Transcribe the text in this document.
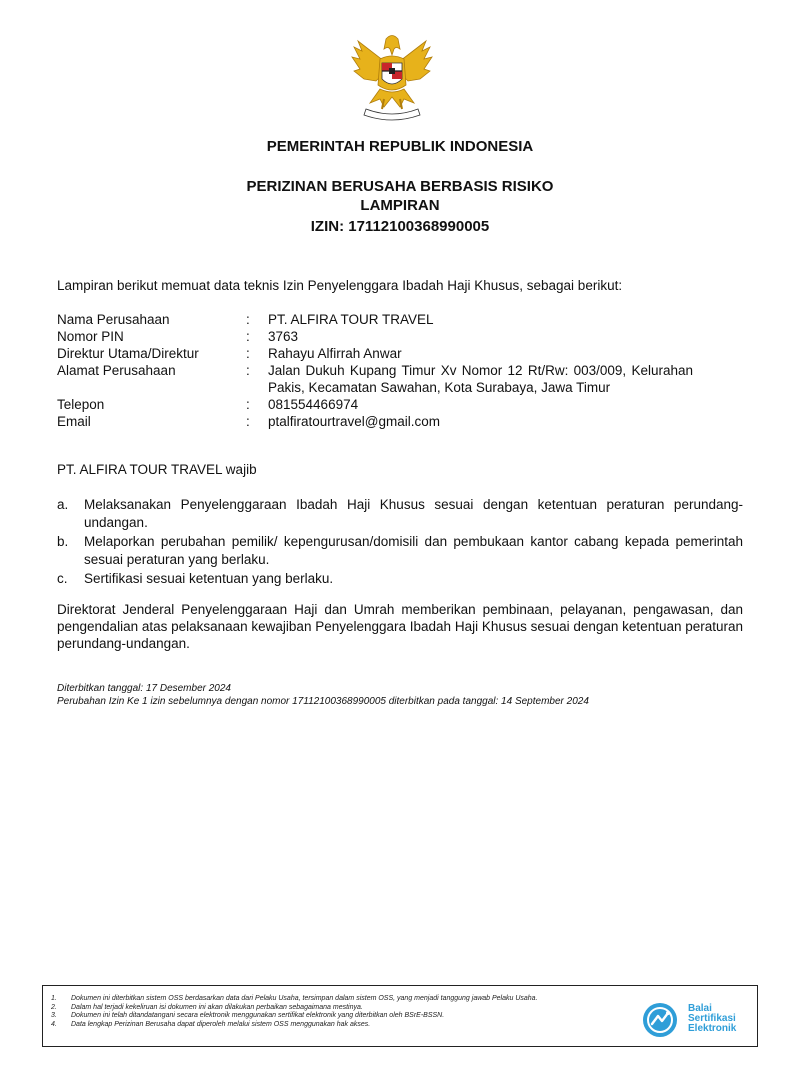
PEMERINTAH REPUBLIK INDONESIA
PERIZINAN BERUSAHA BERBASIS RISIKO
LAMPIRAN
IZIN: 17112100368990005
Lampiran berikut memuat data teknis Izin Penyelenggara Ibadah Haji Khusus, sebagai berikut:
Nama Perusahaan	:	PT. ALFIRA TOUR TRAVEL
Nomor PIN	:	3763
Direktur Utama/Direktur	:	Rahayu Alfirrah Anwar
Alamat Perusahaan	:	Jalan Dukuh Kupang Timur Xv Nomor 12 Rt/Rw: 003/009, Kelurahan Pakis, Kecamatan Sawahan, Kota Surabaya, Jawa Timur
Telepon	:	081554466974
Email	:	ptalfiratourtravel@gmail.com
PT. ALFIRA TOUR TRAVEL wajib
a.	Melaksanakan Penyelenggaraan Ibadah Haji Khusus sesuai dengan ketentuan peraturan perundang-undangan.
b.	Melaporkan perubahan pemilik/ kepengurusan/domisili dan pembukaan kantor cabang kepada pemerintah sesuai peraturan yang berlaku.
c.	Sertifikasi sesuai ketentuan yang berlaku.
Direktorat Jenderal Penyelenggaraan Haji dan Umrah memberikan pembinaan, pelayanan, pengawasan, dan pengendalian atas pelaksanaan kewajiban Penyelenggara Ibadah Haji Khusus sesuai dengan ketentuan peraturan perundang-undangan.
Diterbitkan tanggal: 17 Desember 2024
Perubahan Izin Ke 1 izin sebelumnya dengan nomor 17112100368990005 diterbitkan pada tanggal: 14 September 2024
1.	Dokumen ini diterbitkan sistem OSS berdasarkan data dari Pelaku Usaha, tersimpan dalam sistem OSS, yang menjadi tanggung jawab Pelaku Usaha.
2.	Dalam hal terjadi kekeliruan isi dokumen ini akan dilakukan perbaikan sebagaimana mestinya.
3.	Dokumen ini telah ditandatangani secara elektronik menggunakan sertifikat elektronik yang diterbitkan oleh BSrE-BSSN.
4.	Data lengkap Perizinan Berusaha dapat diperoleh melalui sistem OSS menggunakan hak akses.
Balai
Sertifikasi
Elektronik
